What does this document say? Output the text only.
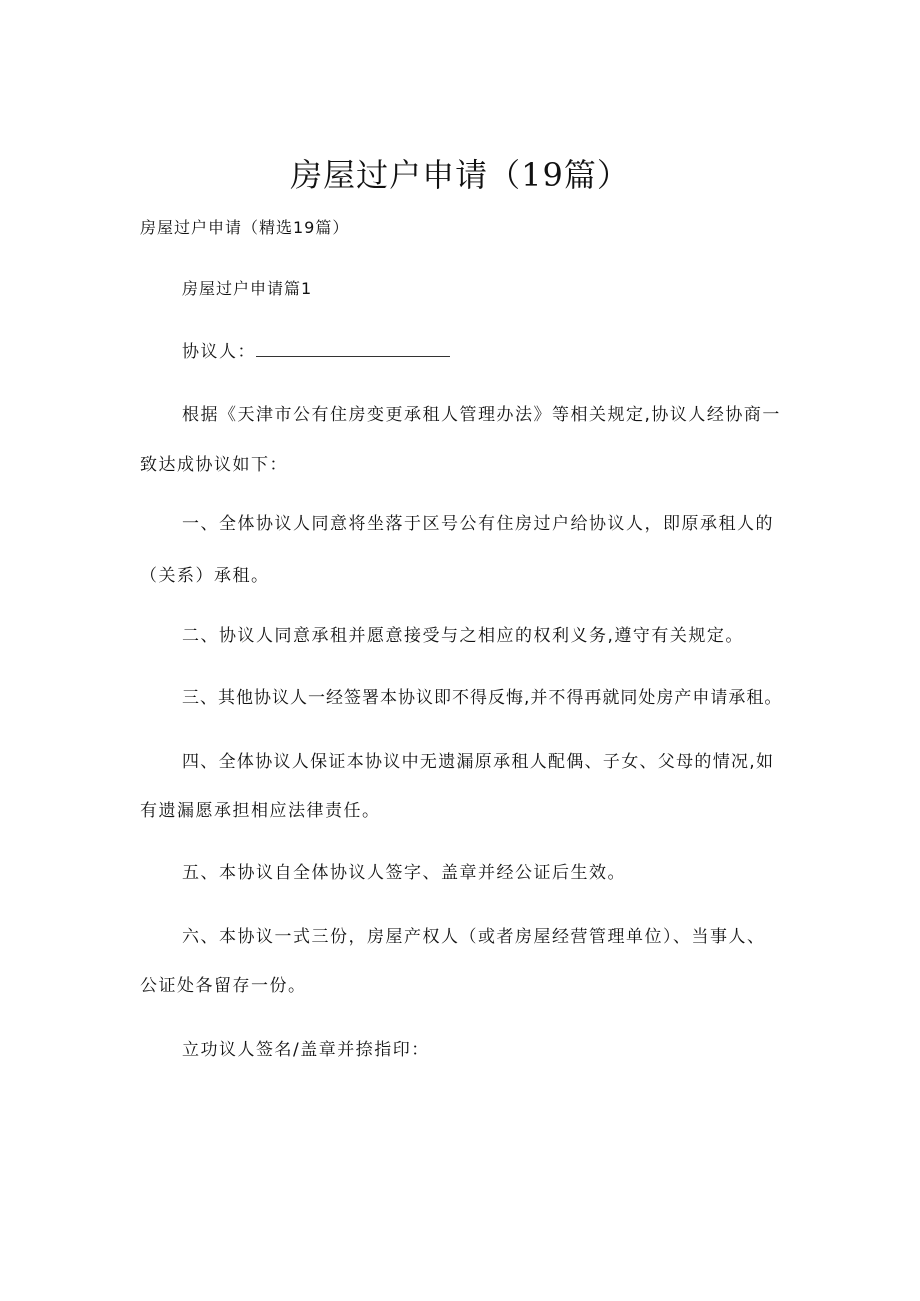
房屋过户申请（19篇）
房屋过户申请（精选19篇）
房屋过户申请篇1
协议人：
根据《天津市公有住房变更承租人管理办法》等相关规定,协议人经协商一
致达成协议如下：
一、全体协议人同意将坐落于区号公有住房过户给协议人，即原承租人的
（关系）承租。
二、协议人同意承租并愿意接受与之相应的权利义务,遵守有关规定。
三、其他协议人一经签署本协议即不得反悔,并不得再就同处房产申请承租。
四、全体协议人保证本协议中无遗漏原承租人配偶、子女、父母的情况,如
有遗漏愿承担相应法律责任。
五、本协议自全体协议人签字、盖章并经公证后生效。
六、本协议一式三份，房屋产权人（或者房屋经营管理单位）、当事人、
公证处各留存一份。
立功议人签名/盖章并捺指印：
